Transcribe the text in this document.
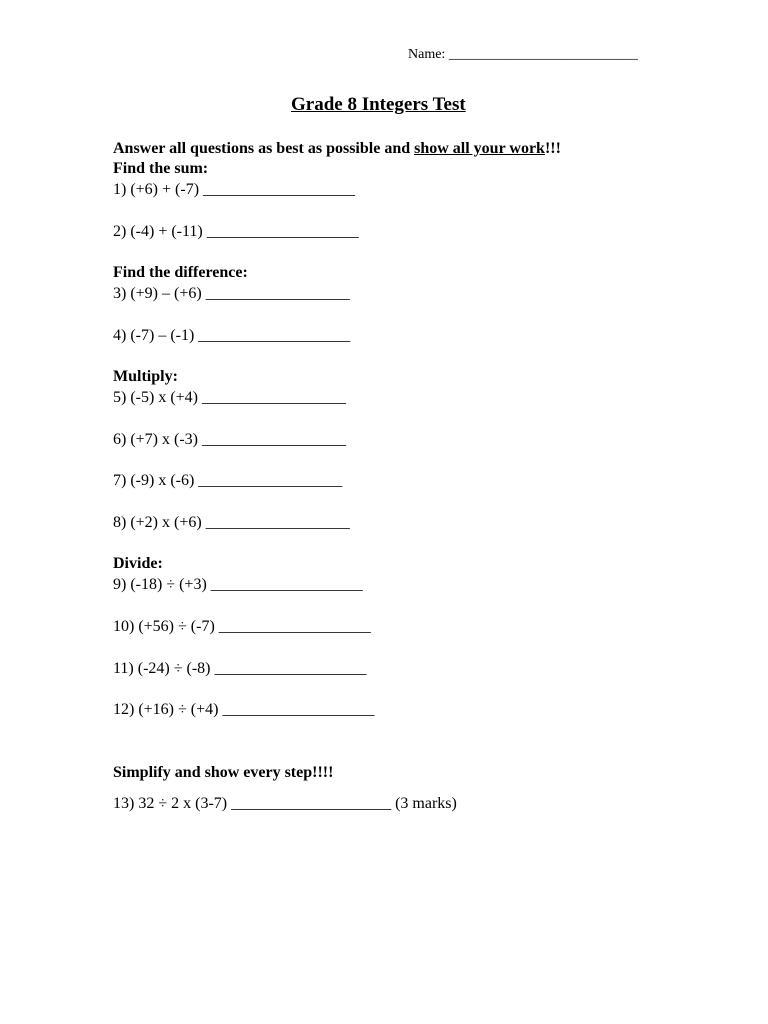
Name: ___________________________
Grade 8 Integers Test
Answer all questions as best as possible and show all your work!!!
Find the sum:
1) (+6) + (-7) ___________________
2) (-4) + (-11) ___________________
Find the difference:
3) (+9) – (+6) __________________
4) (-7) – (-1) ___________________
Multiply:
5) (-5) x (+4) __________________
6) (+7) x (-3) __________________
7) (-9) x (-6) __________________
8) (+2) x (+6) __________________
Divide:
9) (-18) ÷ (+3) ___________________
10) (+56) ÷ (-7) ___________________
11) (-24) ÷ (-8) ___________________
12) (+16) ÷ (+4) ___________________
Simplify and show every step!!!!
13) 32 ÷ 2 x (3-7) ____________________ (3 marks)
